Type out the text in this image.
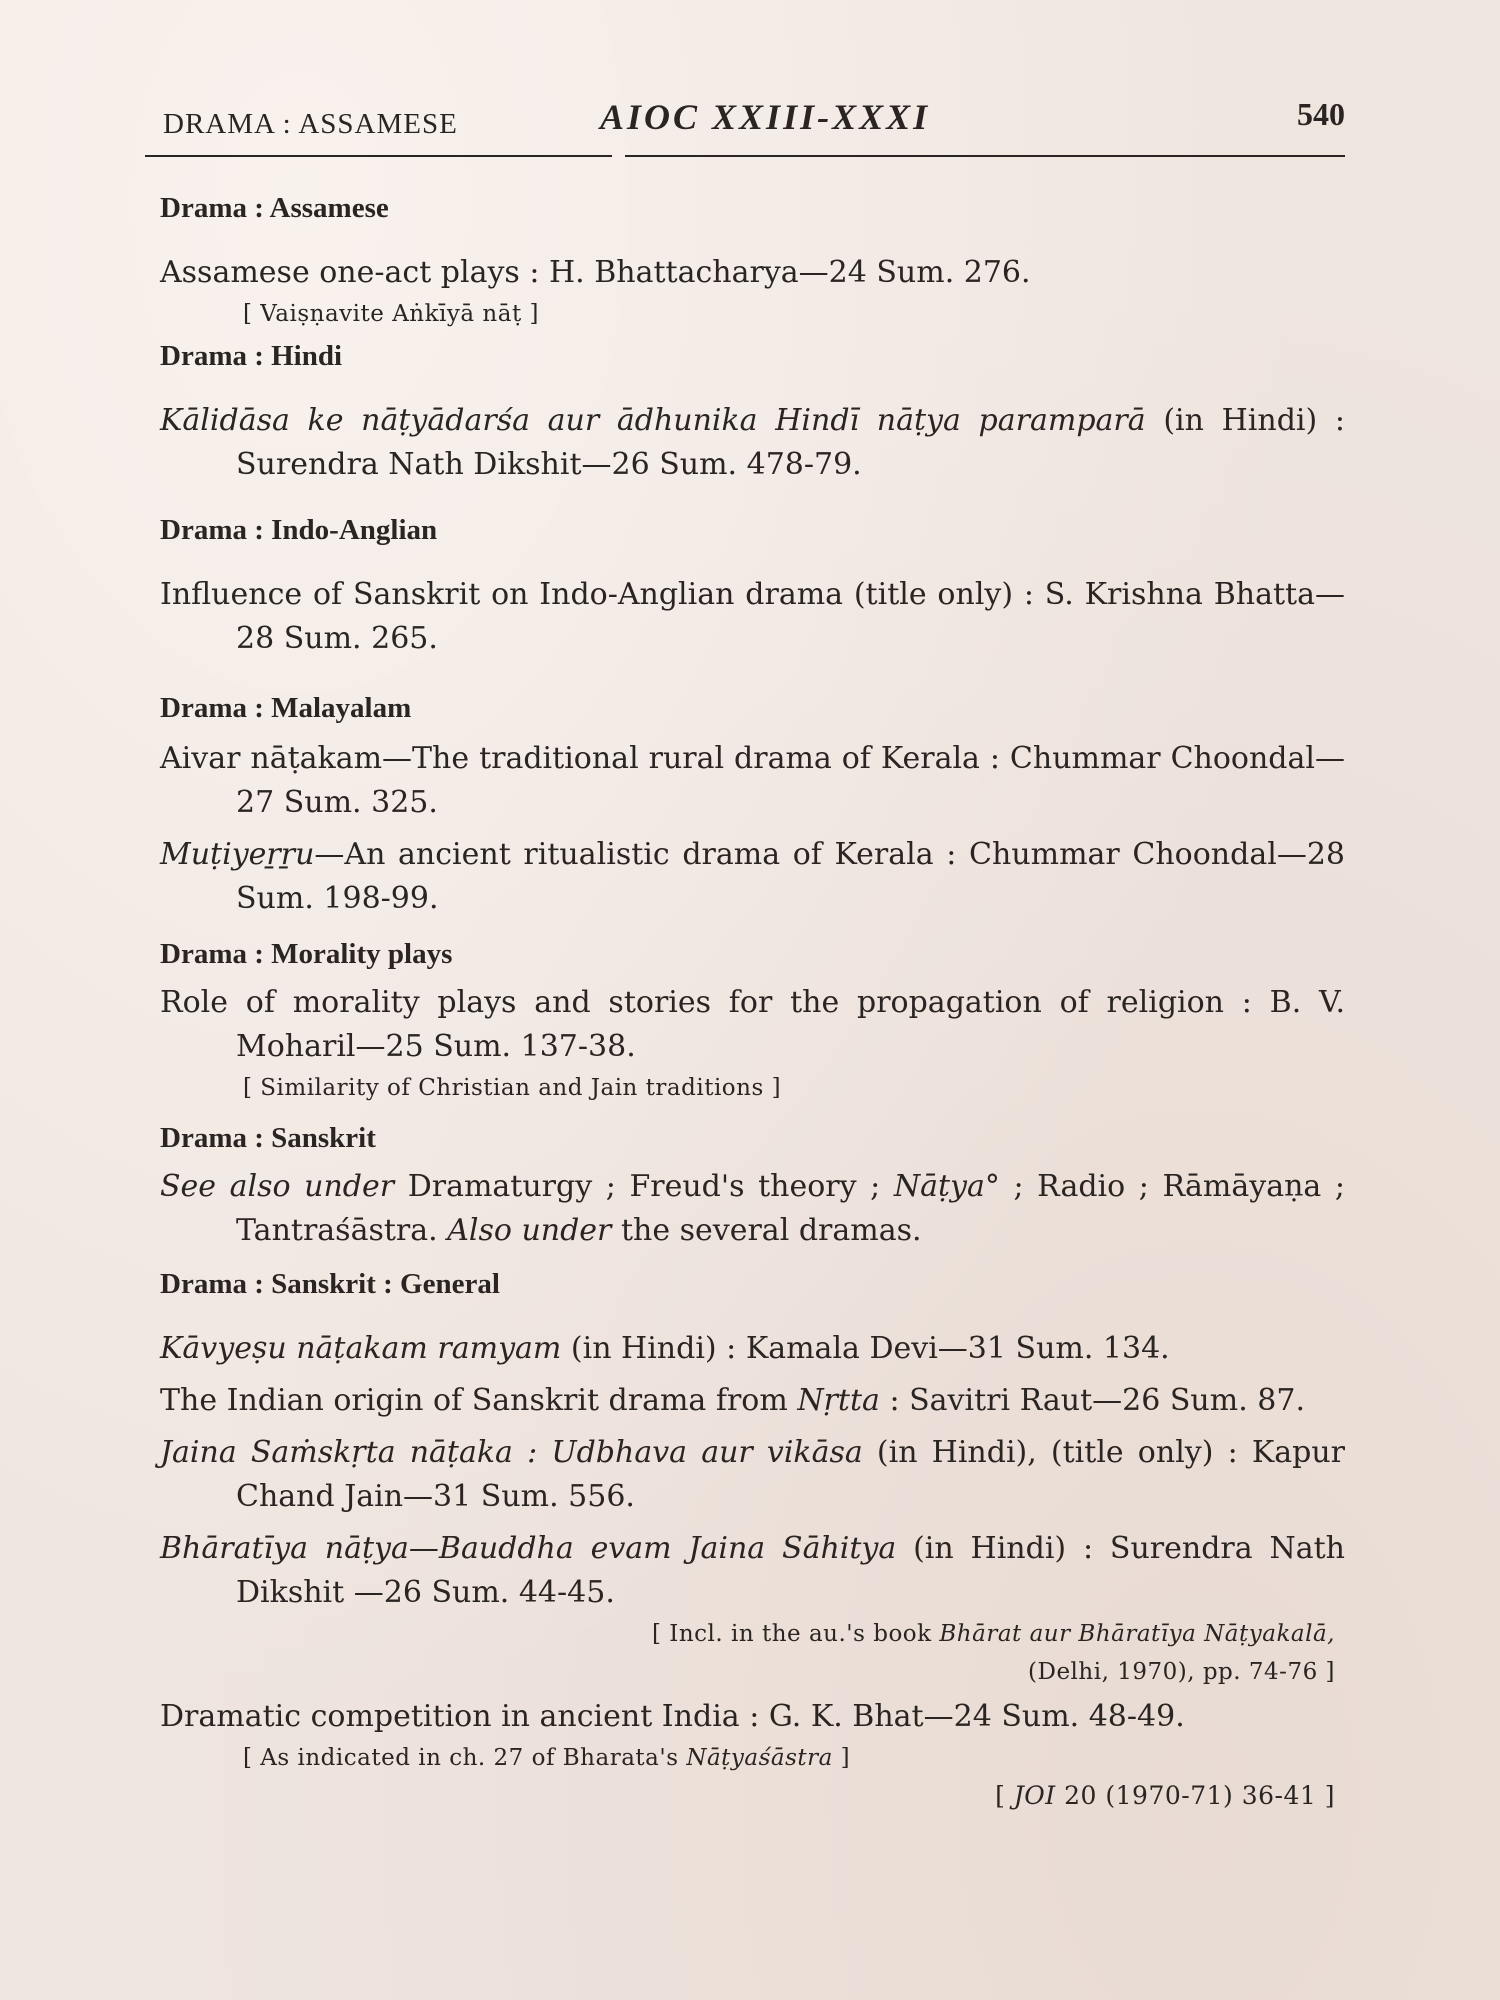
DRAMA : ASSAMESE	AIOC XXIII-XXXI	540

Drama : Assamese

Assamese one-act plays : H. Bhattacharya—24 Sum. 276.

[ Vaiṣṇavite Aṅkīyā nāṭ ]

Drama : Hindi

Kālidāsa ke nāṭyādarśa aur ādhunika Hindī nāṭya paramparā (in Hindi) : Surendra Nath Dikshit—26 Sum. 478-79.

Drama : Indo-Anglian

Influence of Sanskrit on Indo-Anglian drama (title only) : S. Krishna Bhatta—28 Sum. 265.

Drama : Malayalam

Aivar nāṭakam—The traditional rural drama of Kerala : Chummar Choondal—27 Sum. 325.

Muṭiyeṟṟu—An ancient ritualistic drama of Kerala : Chummar Choondal—28 Sum. 198-99.

Drama : Morality plays

Role of morality plays and stories for the propagation of religion : B. V. Moharil—25 Sum. 137-38.

[ Similarity of Christian and Jain traditions ]

Drama : Sanskrit

See also under Dramaturgy ; Freud's theory ; Nāṭya° ; Radio ; Rāmāyaṇa ; Tantraśāstra. Also under the several dramas.

Drama : Sanskrit : General

Kāvyeṣu nāṭakam ramyam (in Hindi) : Kamala Devi—31 Sum. 134.

The Indian origin of Sanskrit drama from Nṛtta : Savitri Raut—26 Sum. 87.

Jaina Saṁskṛta nāṭaka : Udbhava aur vikāsa (in Hindi), (title only) : Kapur Chand Jain—31 Sum. 556.

Bhāratīya nāṭya—Bauddha evam Jaina Sāhitya (in Hindi) : Surendra Nath Dikshit —26 Sum. 44-45.

[ Incl. in the au.'s book Bhārat aur Bhāratīya Nāṭyakalā,

(Delhi, 1970), pp. 74-76 ]

Dramatic competition in ancient India : G. K. Bhat—24 Sum. 48-49.

[ As indicated in ch. 27 of Bharata's Nāṭyaśāstra ]

[ JOI 20 (1970-71) 36-41 ]
